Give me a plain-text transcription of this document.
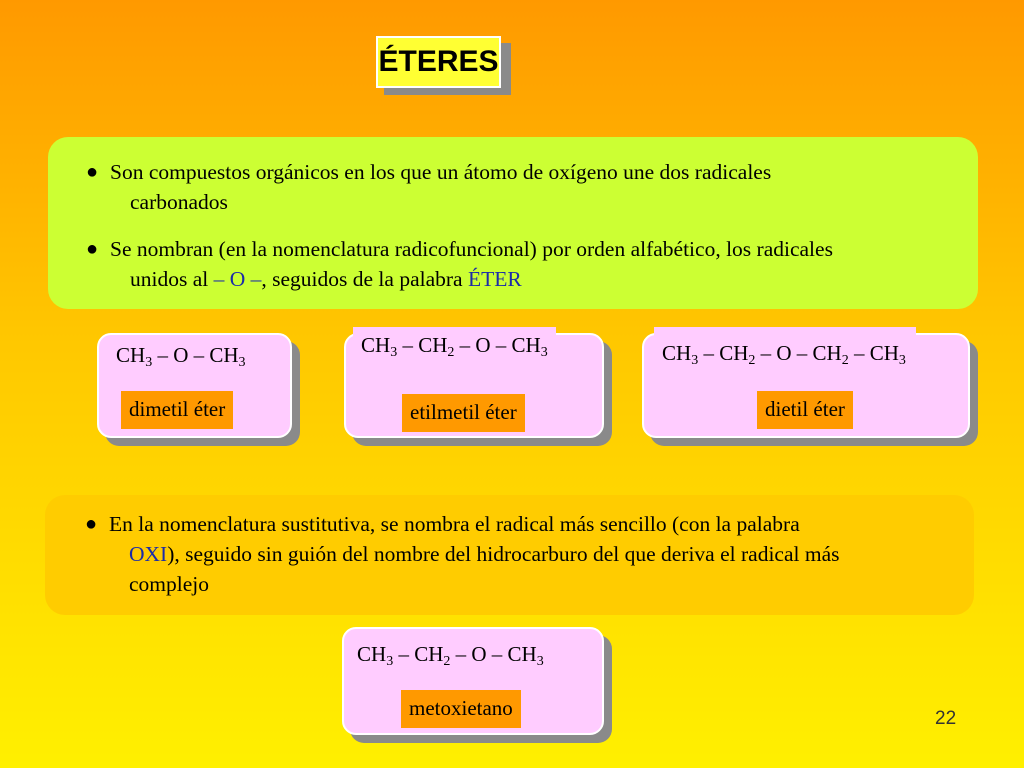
ÉTERES
● Son compuestos orgánicos en los que un átomo de oxígeno une dos radicales
carbonados
● Se nombran (en la nomenclatura radicofuncional) por orden alfabético, los radicales
unidos al – O –, seguidos de la palabra ÉTER
$CH_3$ – O – $CH_3$
dimetil éter
$CH_3 - CH_2$ – O – $CH_3$
etilmetil éter
$CH_3 - CH_2$ – O – $CH_2 - CH_3$
dietil éter
● En la nomenclatura sustitutiva, se nombra el radical más sencillo (con la palabra
OXI), seguido sin guión del nombre del hidrocarburo del que deriva el radical más
complejo
$CH_3 - CH_2$ – O – $CH_3$
metoxietano	22
